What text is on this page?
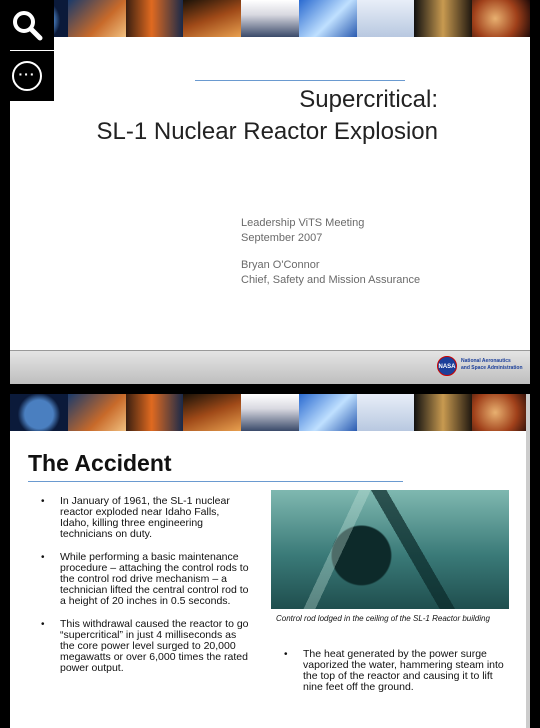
Supercritical:
SL-1 Nuclear Reactor Explosion
Leadership ViTS Meeting
September 2007
Bryan O'Connor
Chief, Safety and Mission Assurance
NASA
National Aeronautics
and Space Administration
···
The Accident
• In January of 1961, the SL-1 nuclear reactor exploded near Idaho Falls, Idaho, killing three engineering technicians on duty.
• While performing a basic maintenance procedure – attaching the control rods to the control rod drive mechanism – a technician lifted the central control rod to a height of 20 inches in 0.5 seconds.
• This withdrawal caused the reactor to go “supercritical” in just 4 milliseconds as the core power level surged to 20,000 megawatts or over 6,000 times the rated power output.
Control rod lodged in the ceiling of the SL-1 Reactor building
• The heat generated by the power surge vaporized the water, hammering steam into the top of the reactor and causing it to lift nine feet off the ground.
